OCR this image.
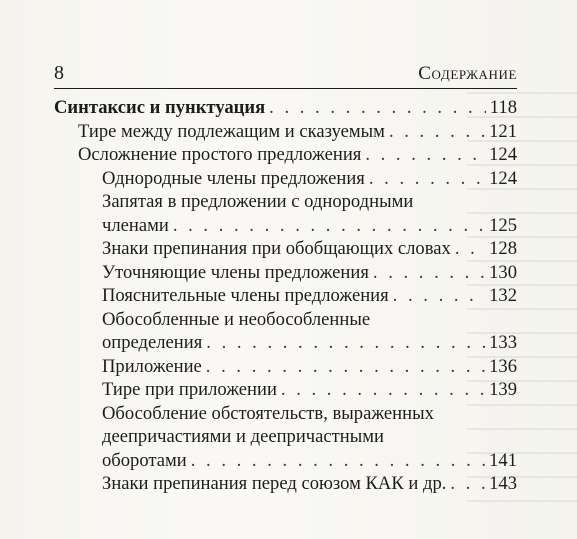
8	Содержание
Синтаксис и пунктуация . . .	118
Тире между подлежащим и сказуемым . . .	121
Осложнение простого предложения . . .	124
Однородные члены предложения . . .	124
Запятая в предложении с однородными
членами . . .	125
Знаки препинания при обобщающих словах . . . 128
Уточняющие члены предложения . . .	130
Пояснительные члены предложения . . .	132
Обособленные и необособленные
определения . . .	133
Приложение . . .	136
Тире при приложении . . .	139
Обособление обстоятельств, выраженных
деепричастиями и деепричастными
оборотами . . .	141
Знаки препинания перед союзом КАК и др. . . . 143
